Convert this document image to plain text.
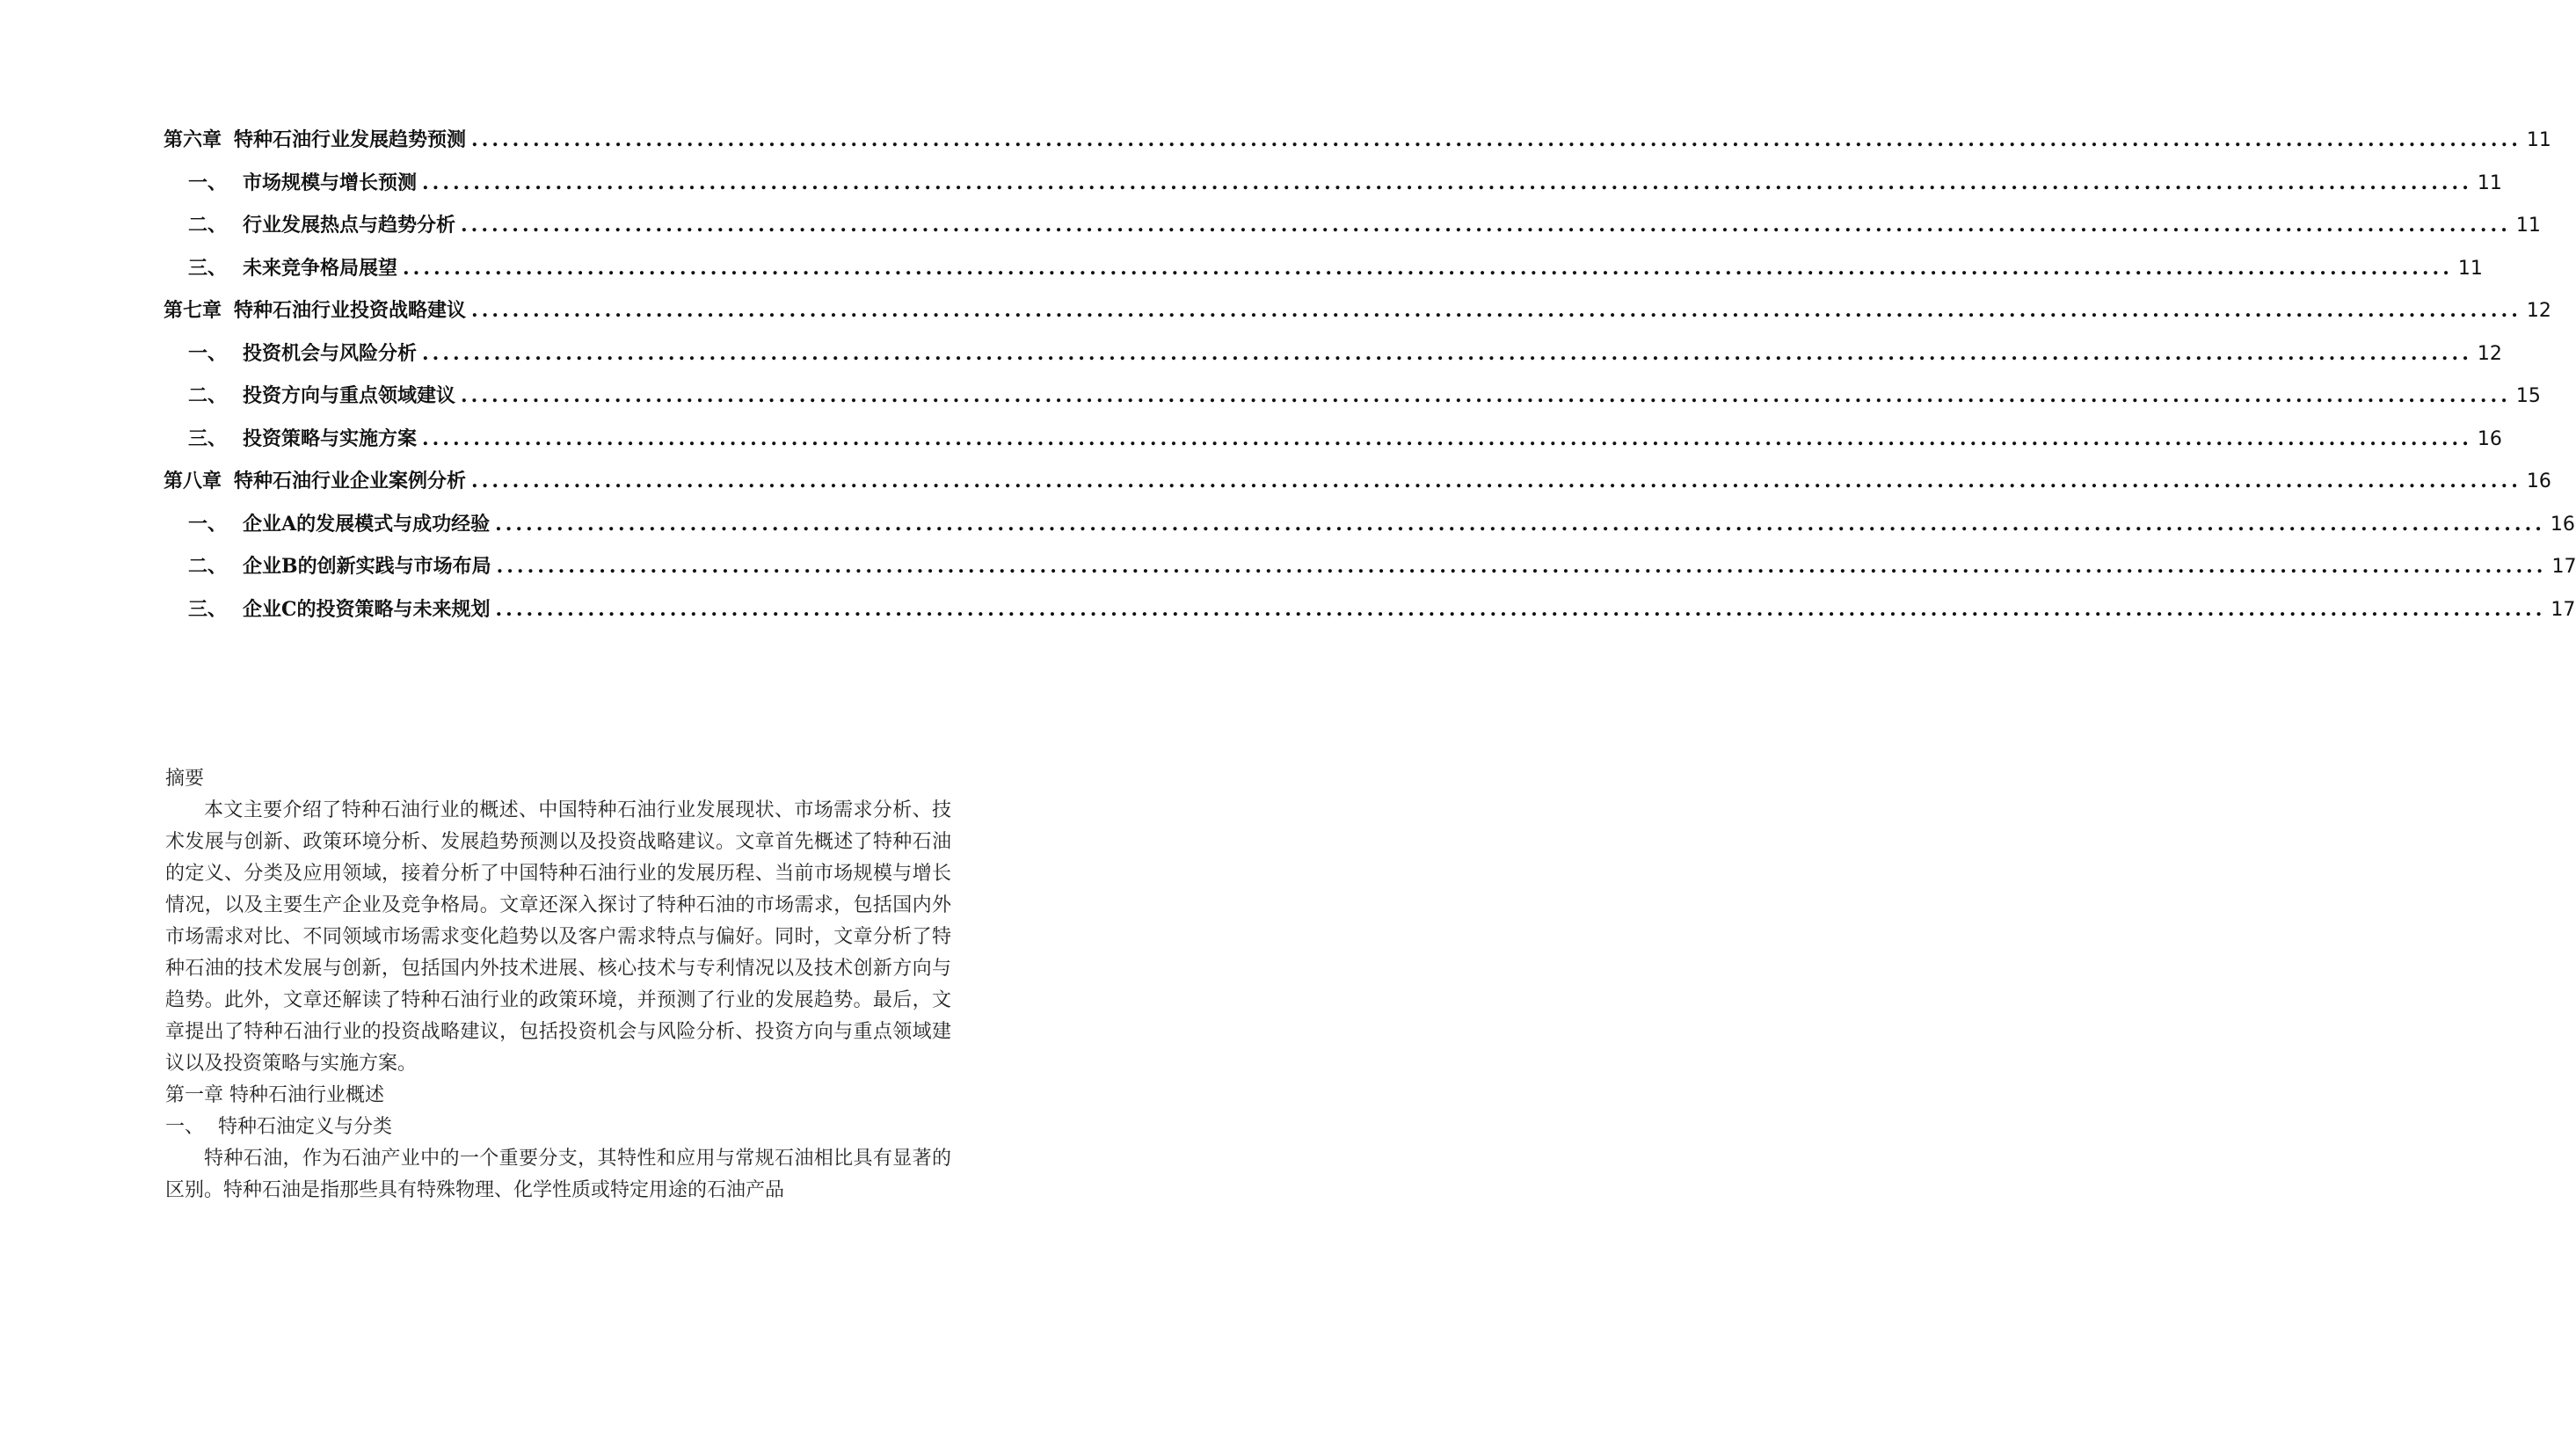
第六章 特种石油行业发展趋势预测 ........................................................................................................................................................................................................ 11
一、 市场规模与增长预测 ........................................................................................................................................................................................................ 11
二、 行业发展热点与趋势分析 ........................................................................................................................................................................................................ 11
三、 未来竞争格局展望 ........................................................................................................................................................................................................ 11
第七章 特种石油行业投资战略建议 ........................................................................................................................................................................................................ 12
一、 投资机会与风险分析 ........................................................................................................................................................................................................ 12
二、 投资方向与重点领域建议 ........................................................................................................................................................................................................ 15
三、 投资策略与实施方案 ........................................................................................................................................................................................................ 16
第八章 特种石油行业企业案例分析 ........................................................................................................................................................................................................ 16
一、 企业A的发展模式与成功经验 ........................................................................................................................................................................................................ 16
二、 企业B的创新实践与市场布局 ........................................................................................................................................................................................................ 17
三、 企业C的投资策略与未来规划 ........................................................................................................................................................................................................ 17

摘要

本文主要介绍了特种石油行业的概述、中国特种石油行业发展现状、市场需求分析、技术发展与创新、政策环境分析、发展趋势预测以及投资战略建议。文章首先概述了特种石油的定义、分类及应用领域，接着分析了中国特种石油行业的发展历程、当前市场规模与增长情况，以及主要生产企业及竞争格局。文章还深入探讨了特种石油的市场需求，包括国内外市场需求对比、不同领域市场需求变化趋势以及客户需求特点与偏好。同时，文章分析了特种石油的技术发展与创新，包括国内外技术进展、核心技术与专利情况以及技术创新方向与趋势。此外，文章还解读了特种石油行业的政策环境，并预测了行业的发展趋势。最后，文章提出了特种石油行业的投资战略建议，包括投资机会与风险分析、投资方向与重点领域建议以及投资策略与实施方案。

第一章 特种石油行业概述

一、 特种石油定义与分类

特种石油，作为石油产业中的一个重要分支，其特性和应用与常规石油相比具有显著的区别。特种石油是指那些具有特殊物理、化学性质或特定用途的石油产品
